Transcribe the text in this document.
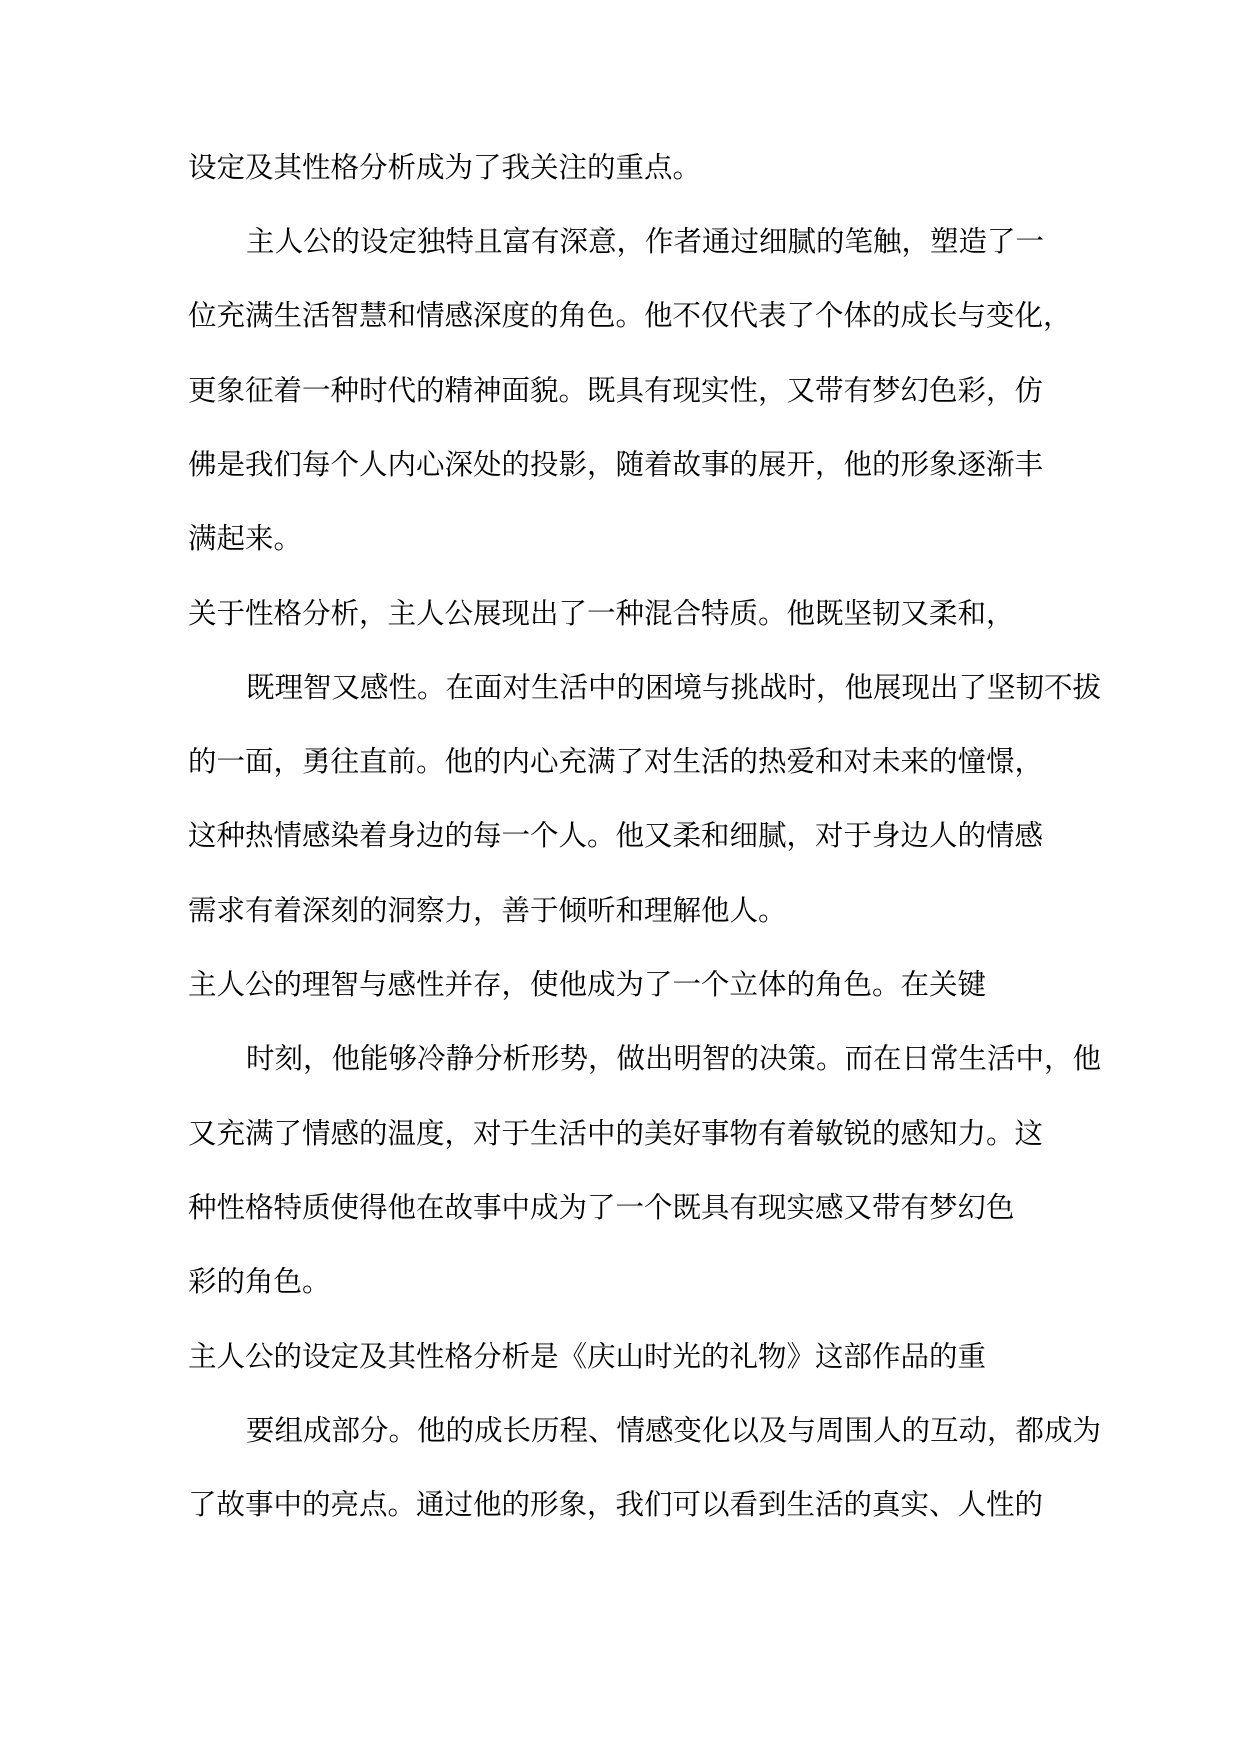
设定及其性格分析成为了我关注的重点。
主人公的设定独特且富有深意，作者通过细腻的笔触，塑造了一
位充满生活智慧和情感深度的角色。他不仅代表了个体的成长与变化，
更象征着一种时代的精神面貌。既具有现实性，又带有梦幻色彩，仿
佛是我们每个人内心深处的投影，随着故事的展开，他的形象逐渐丰
满起来。
关于性格分析，主人公展现出了一种混合特质。他既坚韧又柔和，
既理智又感性。在面对生活中的困境与挑战时，他展现出了坚韧不拔
的一面，勇往直前。他的内心充满了对生活的热爱和对未来的憧憬，
这种热情感染着身边的每一个人。他又柔和细腻，对于身边人的情感
需求有着深刻的洞察力，善于倾听和理解他人。
主人公的理智与感性并存，使他成为了一个立体的角色。在关键
时刻，他能够冷静分析形势，做出明智的决策。而在日常生活中，他
又充满了情感的温度，对于生活中的美好事物有着敏锐的感知力。这
种性格特质使得他在故事中成为了一个既具有现实感又带有梦幻色
彩的角色。
主人公的设定及其性格分析是《庆山时光的礼物》这部作品的重
要组成部分。他的成长历程、情感变化以及与周围人的互动，都成为
了故事中的亮点。通过他的形象，我们可以看到生活的真实、人性的
